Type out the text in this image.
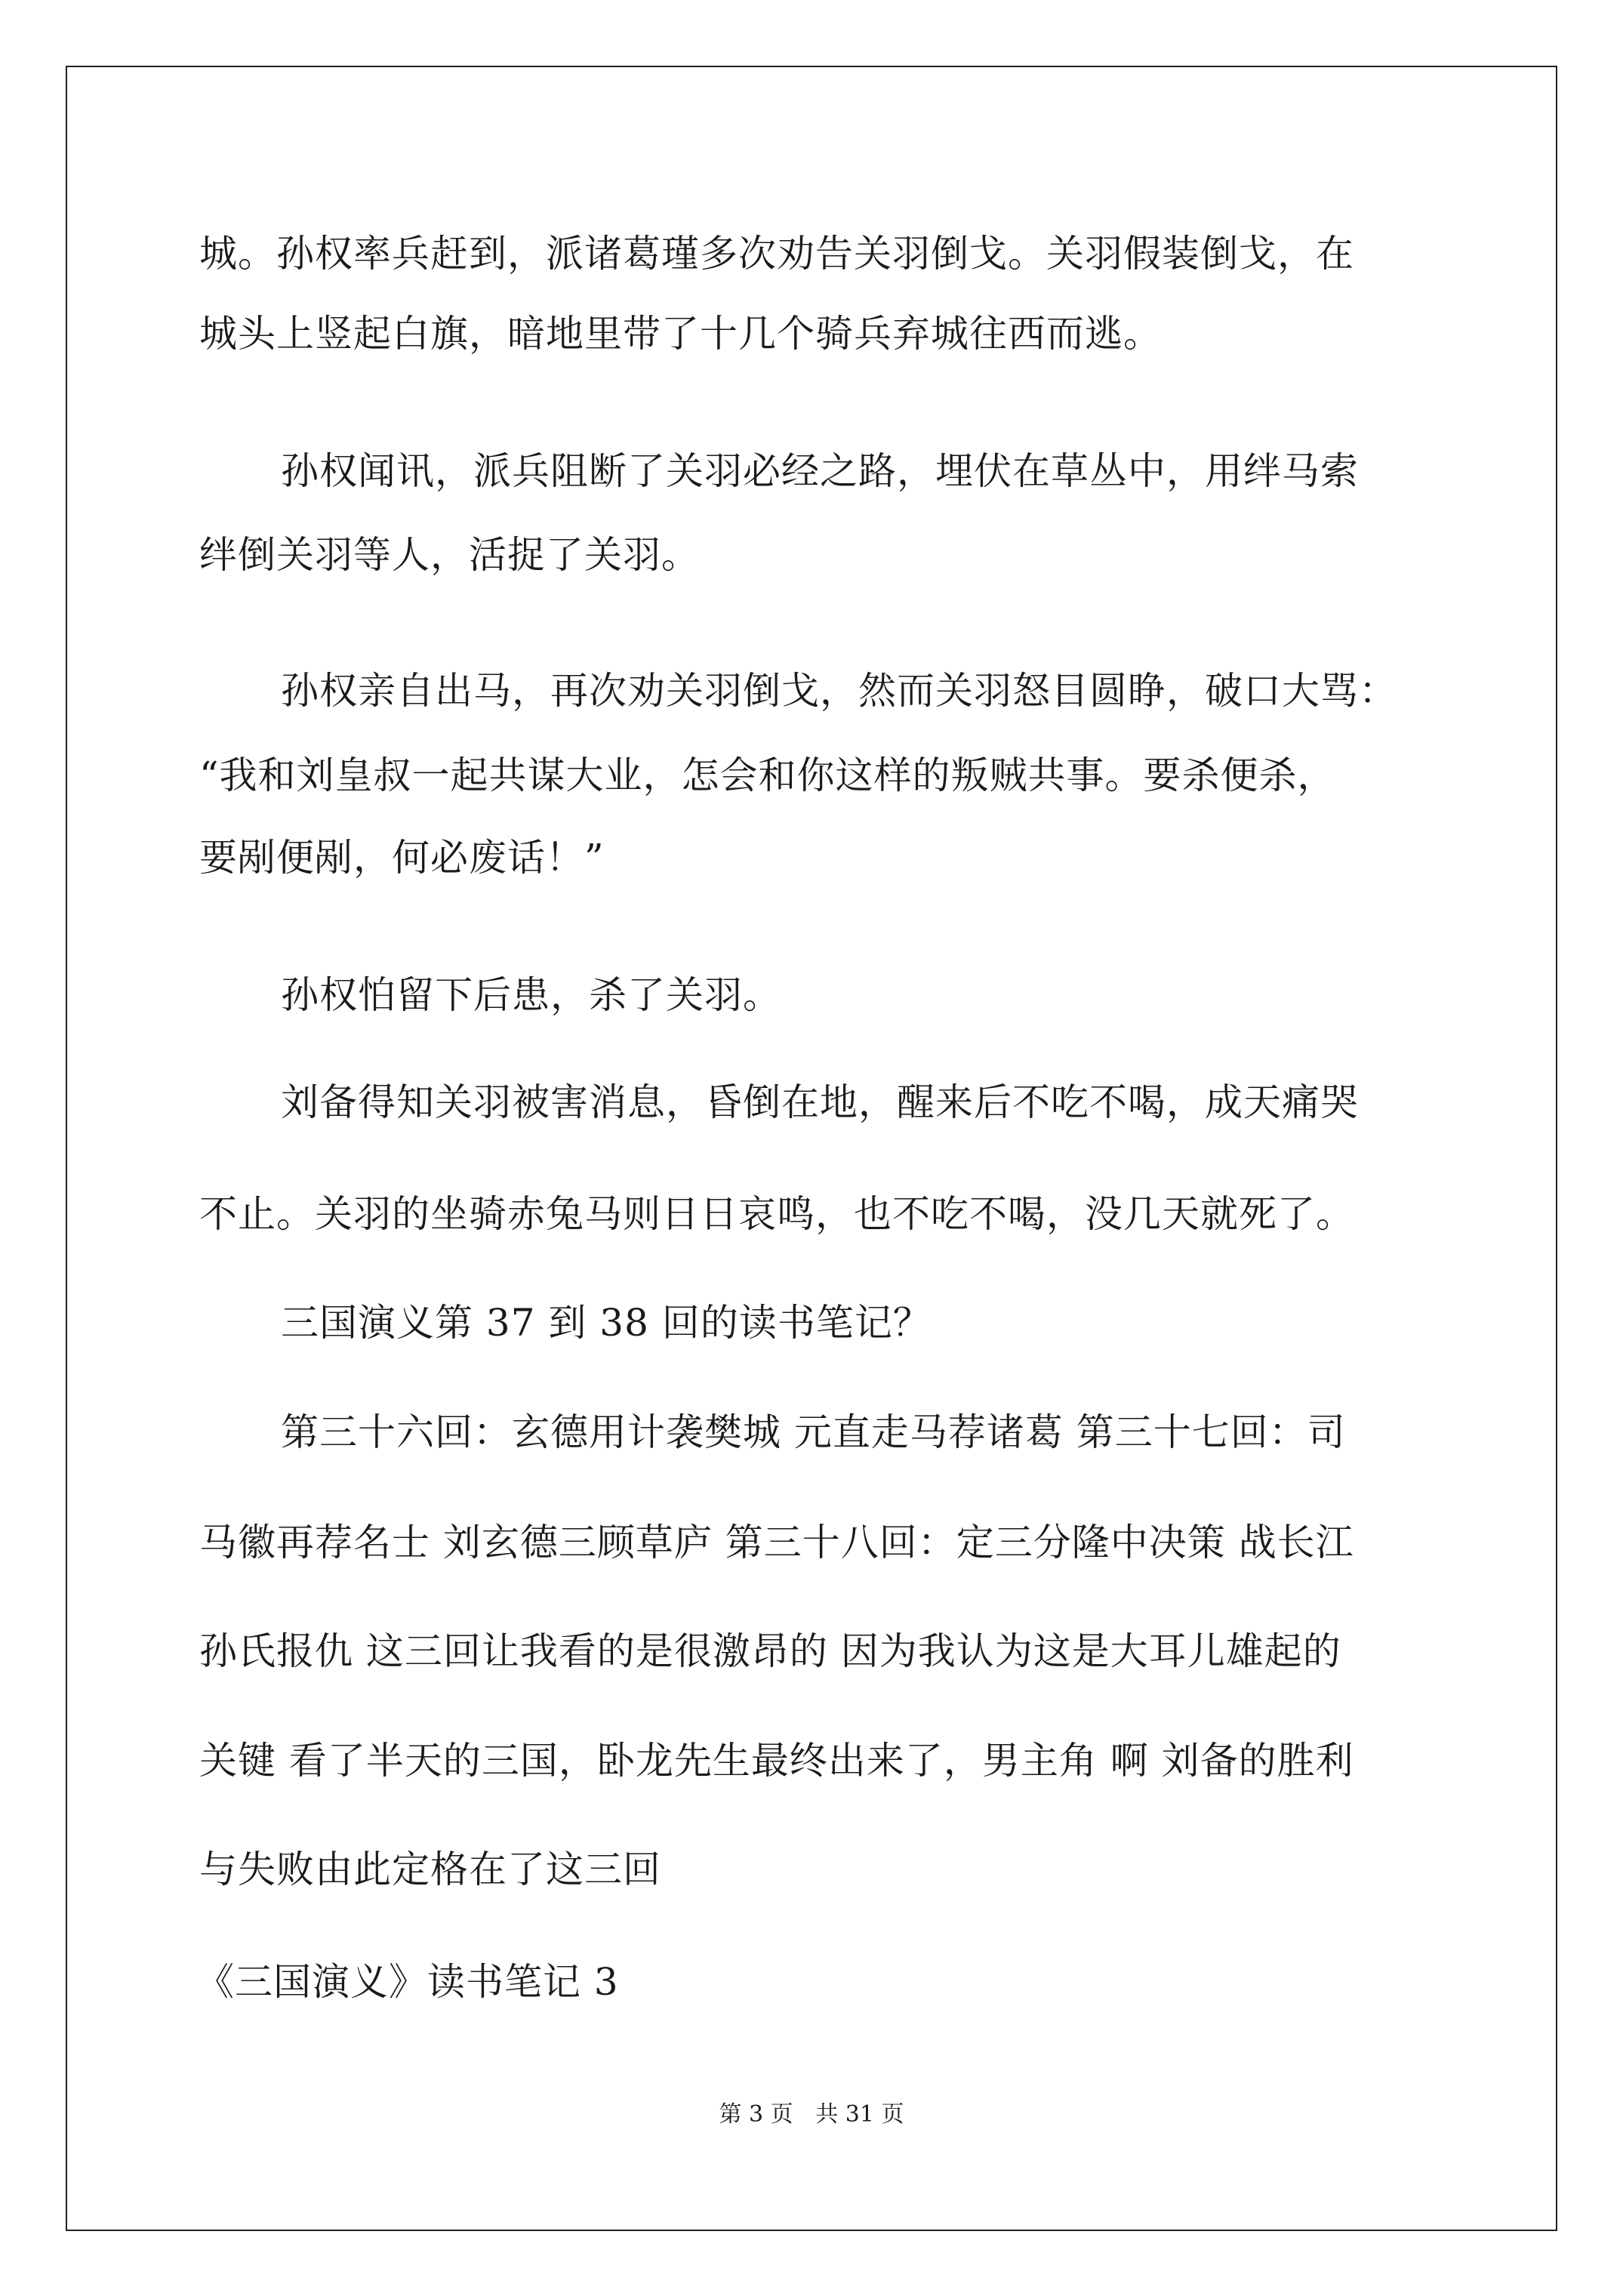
城。孙权率兵赶到，派诸葛瑾多次劝告关羽倒戈。关羽假装倒戈，在
城头上竖起白旗，暗地里带了十几个骑兵弃城往西而逃。
孙权闻讯，派兵阻断了关羽必经之路，埋伏在草丛中，用绊马索
绊倒关羽等人，活捉了关羽。
孙权亲自出马，再次劝关羽倒戈，然而关羽怒目圆睁，破口大骂：
“我和刘皇叔一起共谋大业，怎会和你这样的叛贼共事。要杀便杀，
要剐便剐，何必废话！”
孙权怕留下后患，杀了关羽。
刘备得知关羽被害消息，昏倒在地，醒来后不吃不喝，成天痛哭
不止。关羽的坐骑赤兔马则日日哀鸣，也不吃不喝，没几天就死了。
三国演义第 37 到 38 回的读书笔记？
第三十六回：玄德用计袭樊城 元直走马荐诸葛 第三十七回：司
马徽再荐名士 刘玄德三顾草庐 第三十八回：定三分隆中决策 战长江
孙氏报仇 这三回让我看的是很激昂的 因为我认为这是大耳儿雄起的
关键 看了半天的三国，卧龙先生最终出来了，男主角 啊 刘备的胜利
与失败由此定格在了这三回
《三国演义》读书笔记 3
第 3 页 共 31 页
